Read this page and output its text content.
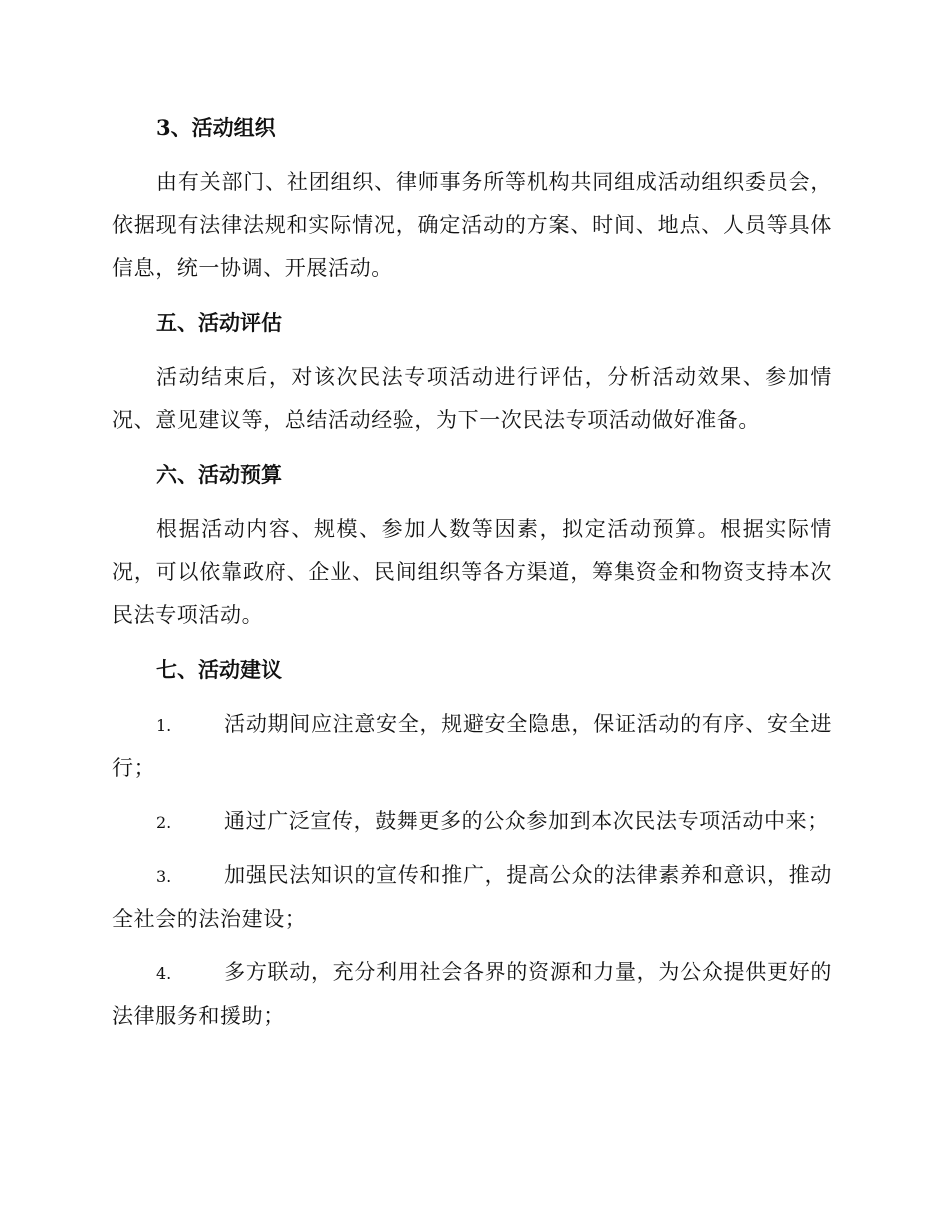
3、活动组织

由有关部门、社团组织、律师事务所等机构共同组成活动组织委员会，依据现有法律法规和实际情况，确定活动的方案、时间、地点、人员等具体信息，统一协调、开展活动。

五、活动评估

活动结束后，对该次民法专项活动进行评估，分析活动效果、参加情况、意见建议等，总结活动经验，为下一次民法专项活动做好准备。

六、活动预算

根据活动内容、规模、参加人数等因素，拟定活动预算。根据实际情况，可以依靠政府、企业、民间组织等各方渠道，筹集资金和物资支持本次民法专项活动。

七、活动建议

1.	活动期间应注意安全，规避安全隐患，保证活动的有序、安全进行；

2.	通过广泛宣传，鼓舞更多的公众参加到本次民法专项活动中来；

3.	加强民法知识的宣传和推广，提高公众的法律素养和意识，推动全社会的法治建设；

4.	多方联动，充分利用社会各界的资源和力量，为公众提供更好的法律服务和援助；
